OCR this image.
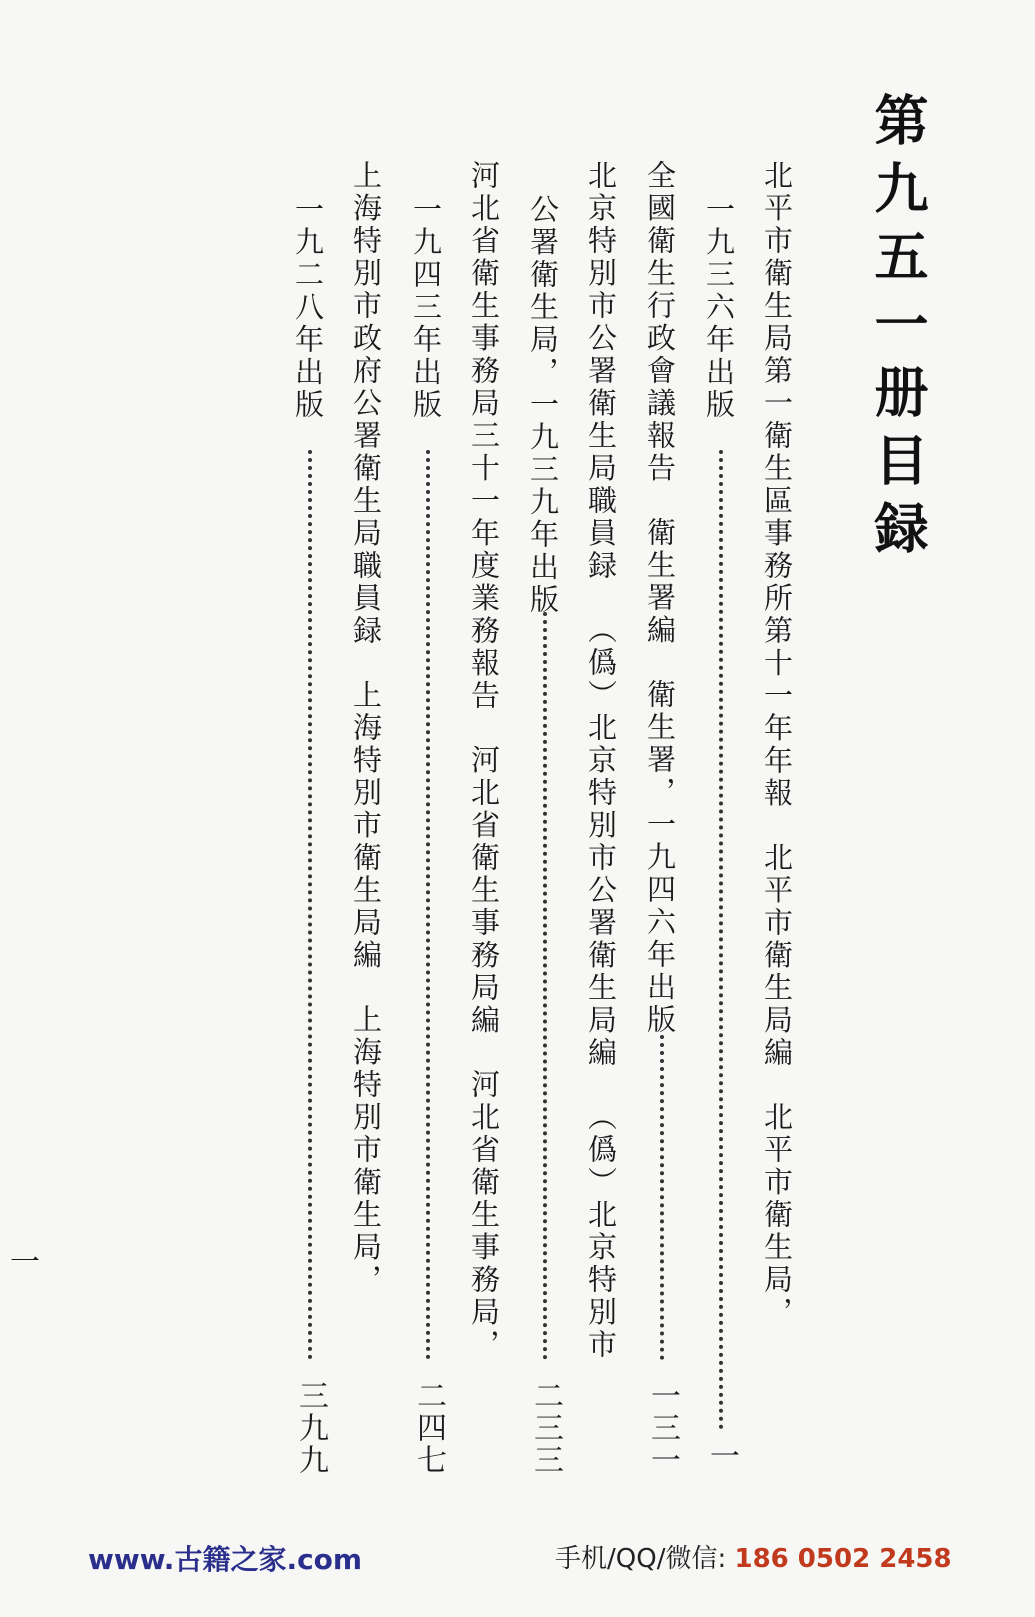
第九五一册目録
北平市衛生局第一衛生區事務所第十一年年報北平市衛生局編北平市衛生局，
一九三六年出版
一
全國衛生行政會議報告衛生署編衛生署，一九四六年出版
一三一
北京特別市公署衛生局職員録（僞）北京特別市公署衛生局編（僞）北京特別市
公署衛生局，一九三九年出版
二三三
河北省衛生事務局三十一年度業務報告河北省衛生事務局編河北省衛生事務局，
一九四三年出版
二四七
上海特別市政府公署衛生局職員録上海特別市衛生局編上海特別市衛生局，
一九二八年出版
三九九
一
www.古籍之家.com	手机/QQ/微信: 186 0502 2458
